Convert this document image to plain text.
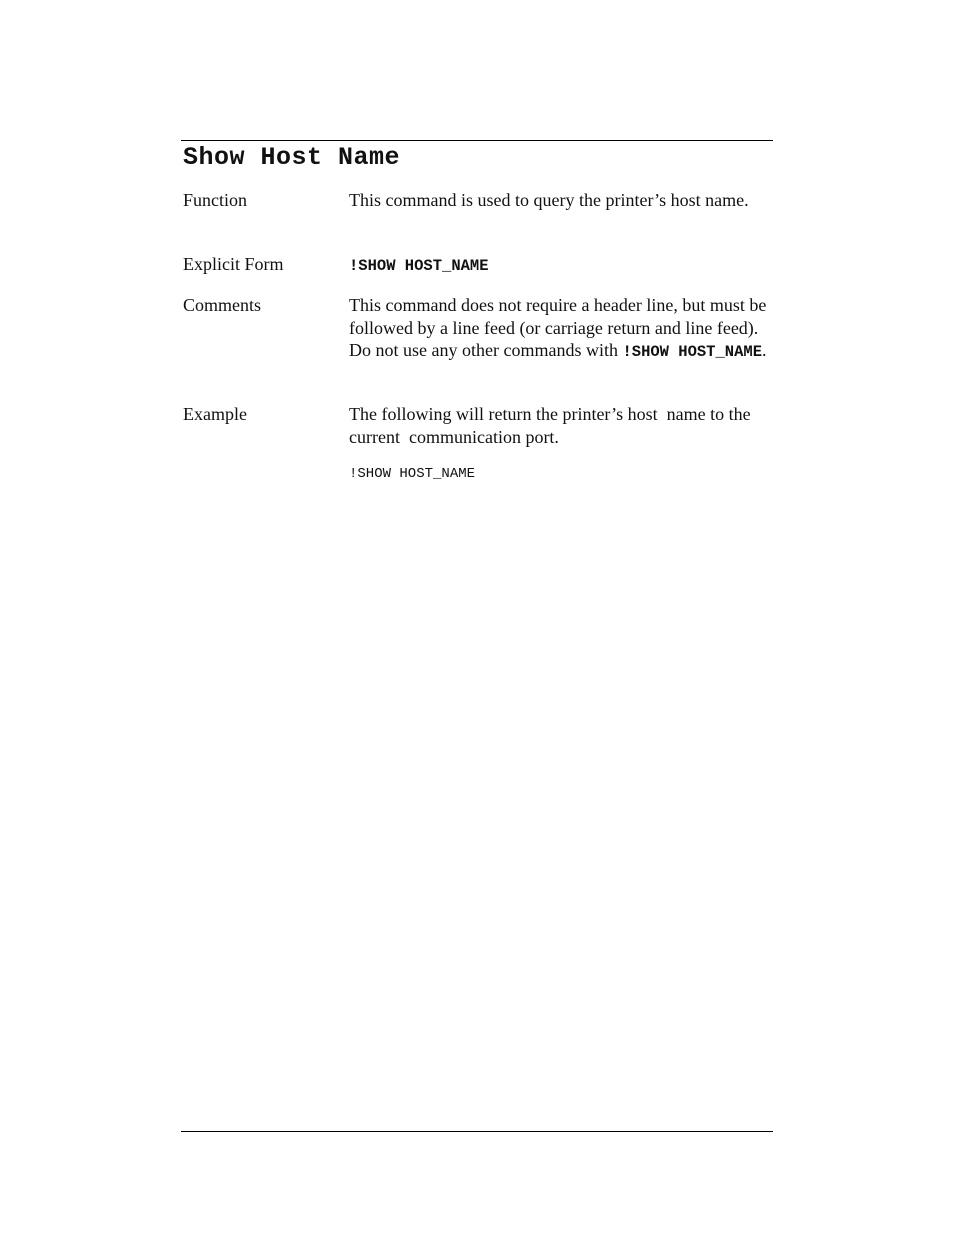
Show Host Name
Function	This command is used to query the printer’s host name.
Explicit Form	!SHOW HOST_NAME
Comments	This command does not require a header line, but must be followed by a line feed (or carriage return and line feed). Do not use any other commands with !SHOW HOST_NAME.
Example	The following will return the printer’s host  name to the current  communication port.
!SHOW HOST_NAME
